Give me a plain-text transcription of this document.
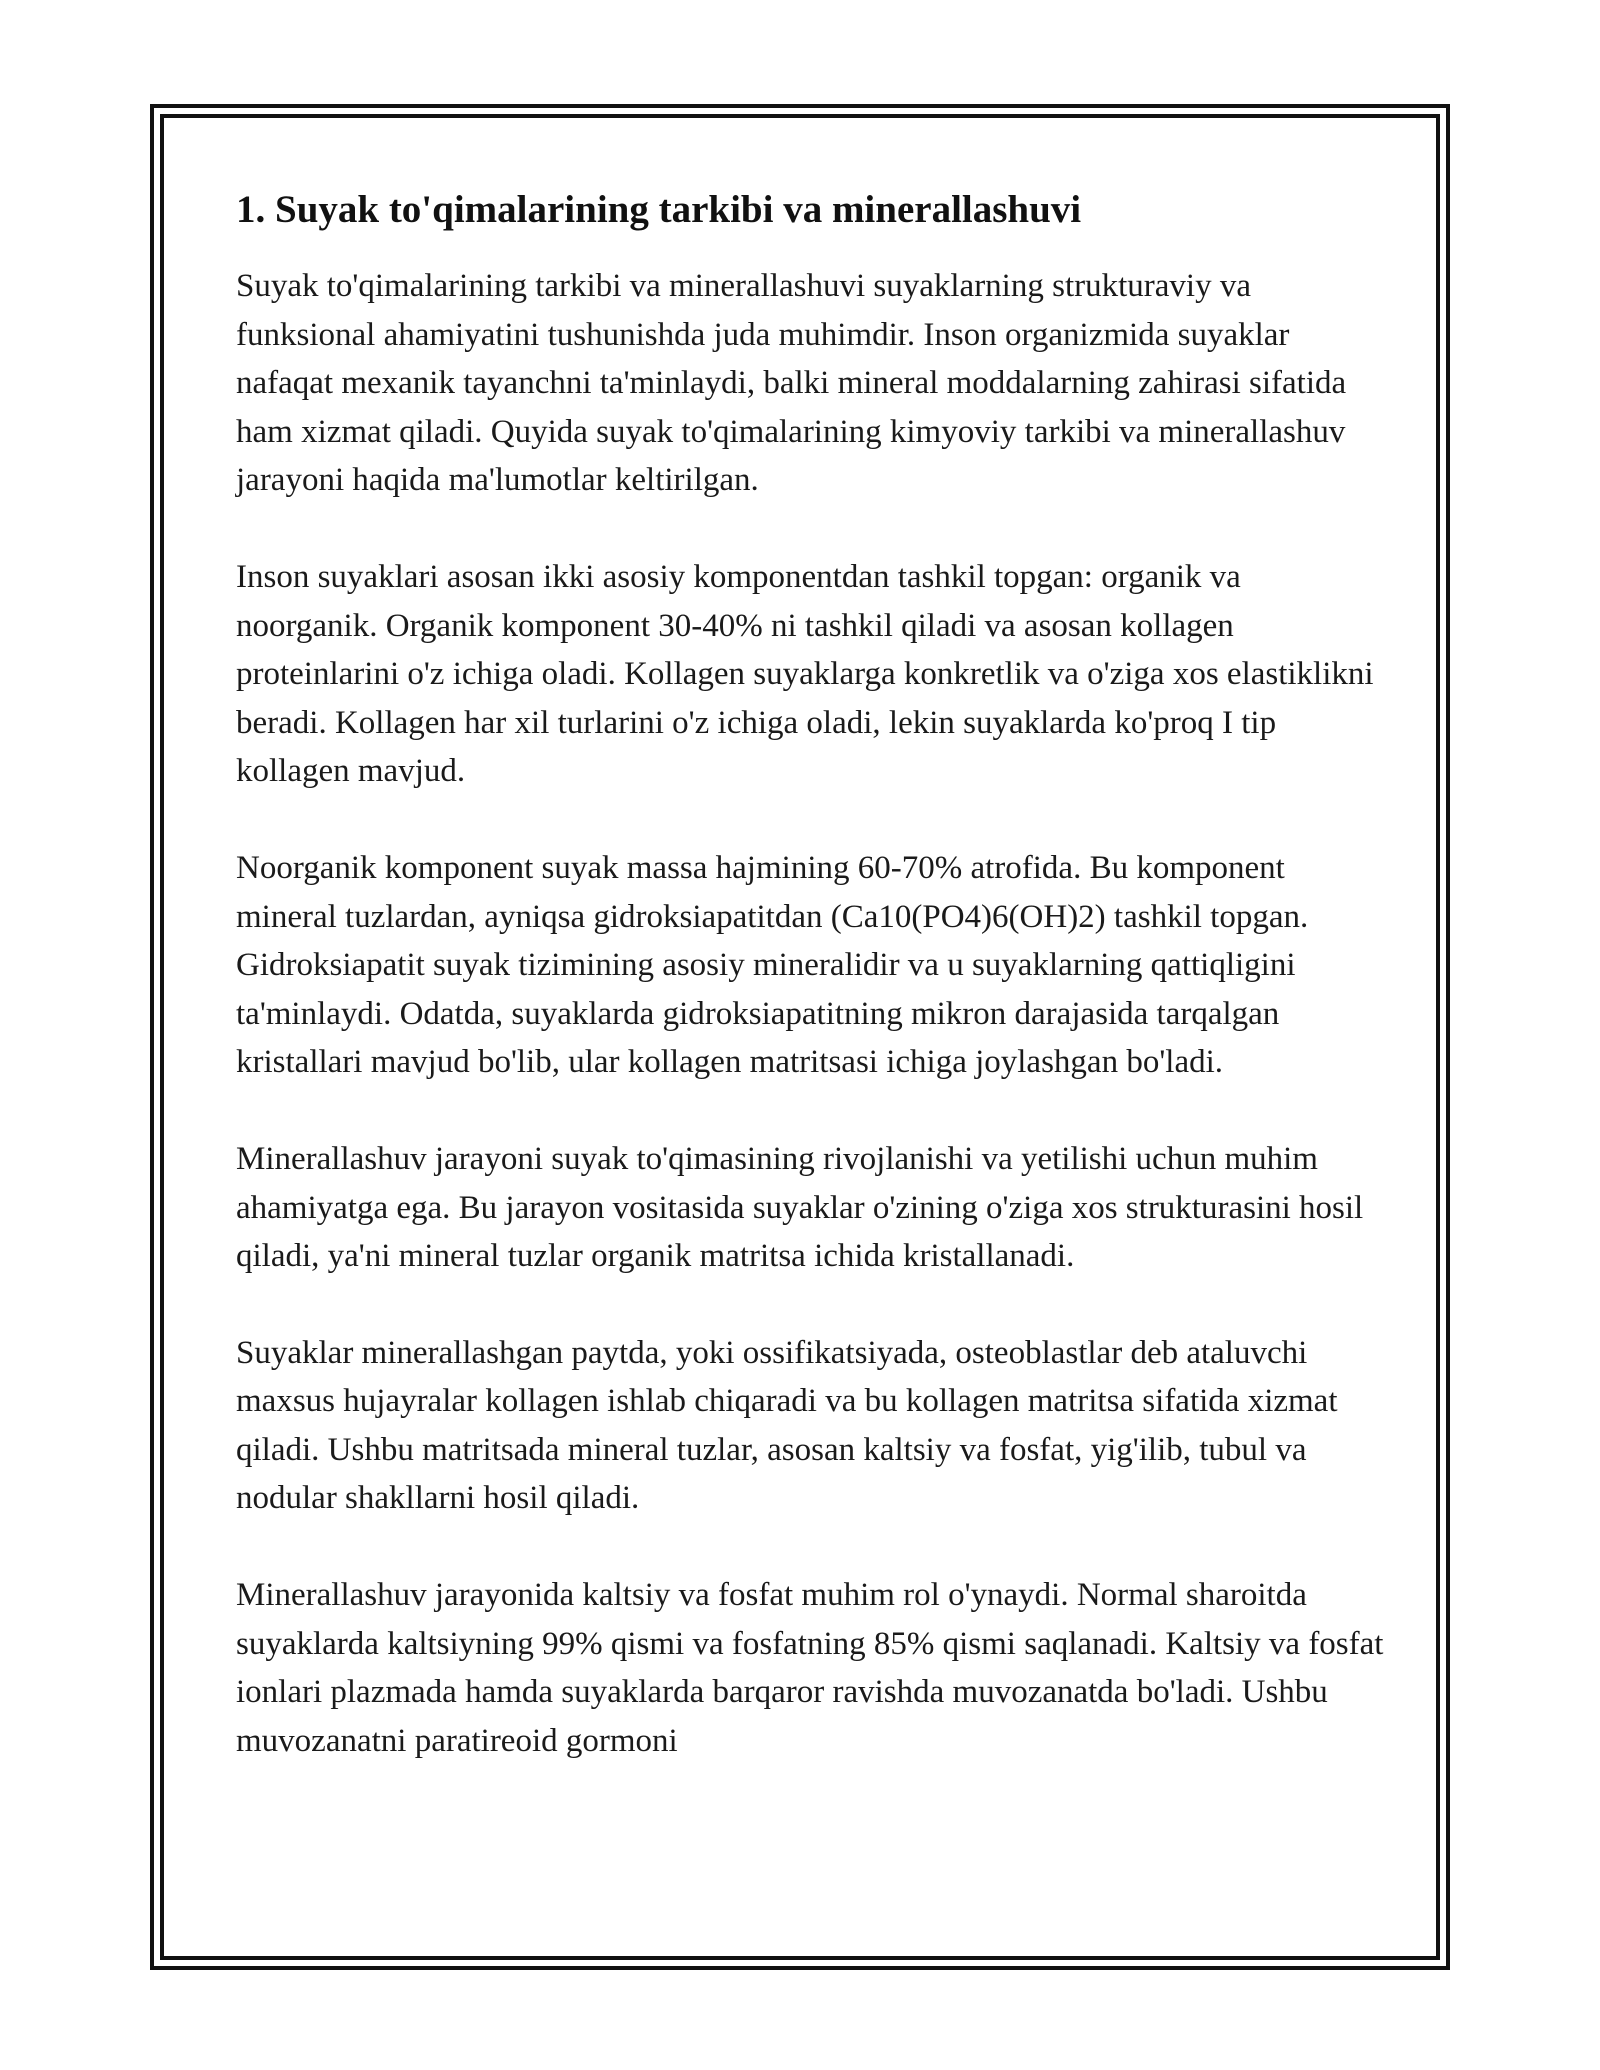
1. Suyak to'qimalarining tarkibi va minerallashuvi

Suyak to'qimalarining tarkibi va minerallashuvi suyaklarning strukturaviy va funksional ahamiyatini tushunishda juda muhimdir. Inson organizmida suyaklar nafaqat mexanik tayanchni ta'minlaydi, balki mineral moddalarning zahirasi sifatida ham xizmat qiladi. Quyida suyak to'qimalarining kimyoviy tarkibi va minerallashuv jarayoni haqida ma'lumotlar keltirilgan.

Inson suyaklari asosan ikki asosiy komponentdan tashkil topgan: organik va noorganik. Organik komponent 30-40% ni tashkil qiladi va asosan kollagen proteinlarini o'z ichiga oladi. Kollagen suyaklarga konkretlik va o'ziga xos elastiklikni beradi. Kollagen har xil turlarini o'z ichiga oladi, lekin suyaklarda ko'proq I tip kollagen mavjud.

Noorganik komponent suyak massa hajmining 60-70% atrofida. Bu komponent mineral tuzlardan, ayniqsa gidroksiapatitdan (Ca10(PO4)6(OH)2) tashkil topgan. Gidroksiapatit suyak tizimining asosiy mineralidir va u suyaklarning qattiqligini ta'minlaydi. Odatda, suyaklarda gidroksiapatitning mikron darajasida tarqalgan kristallari mavjud bo'lib, ular kollagen matritsasi ichiga joylashgan bo'ladi.

Minerallashuv jarayoni suyak to'qimasining rivojlanishi va yetilishi uchun muhim ahamiyatga ega. Bu jarayon vositasida suyaklar o'zining o'ziga xos strukturasini hosil qiladi, ya'ni mineral tuzlar organik matritsa ichida kristallanadi.

Suyaklar minerallashgan paytda, yoki ossifikatsiyada, osteoblastlar deb ataluvchi maxsus hujayralar kollagen ishlab chiqaradi va bu kollagen matritsa sifatida xizmat qiladi. Ushbu matritsada mineral tuzlar, asosan kaltsiy va fosfat, yig'ilib, tubul va nodular shakllarni hosil qiladi.

Minerallashuv jarayonida kaltsiy va fosfat muhim rol o'ynaydi. Normal sharoitda suyaklarda kaltsiyning 99% qismi va fosfatning 85% qismi saqlanadi. Kaltsiy va fosfat ionlari plazmada hamda suyaklarda barqaror ravishda muvozanatda bo'ladi. Ushbu muvozanatni paratireoid gormoni
